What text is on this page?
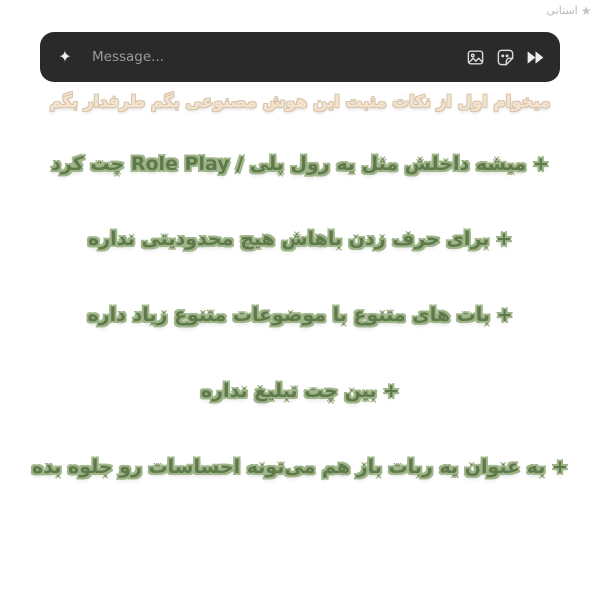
★
استاتی
✦
Message...
میخوام اول از نکات مثبت این هوش مصنوعی بگم طرفدار بگم
+ میشه داخلش مثل یه رول پلی / Role Play چت کرد
+ برای حرف زدن باهاش هیچ محدودیتی نداره
+ بات های متنوع با موضوعات متنوع زیاد داره
+ بین چت تبلیغ نداره
+ به عنوان یه ربات باز هم می‌تونه احساسات رو جلوه بده
